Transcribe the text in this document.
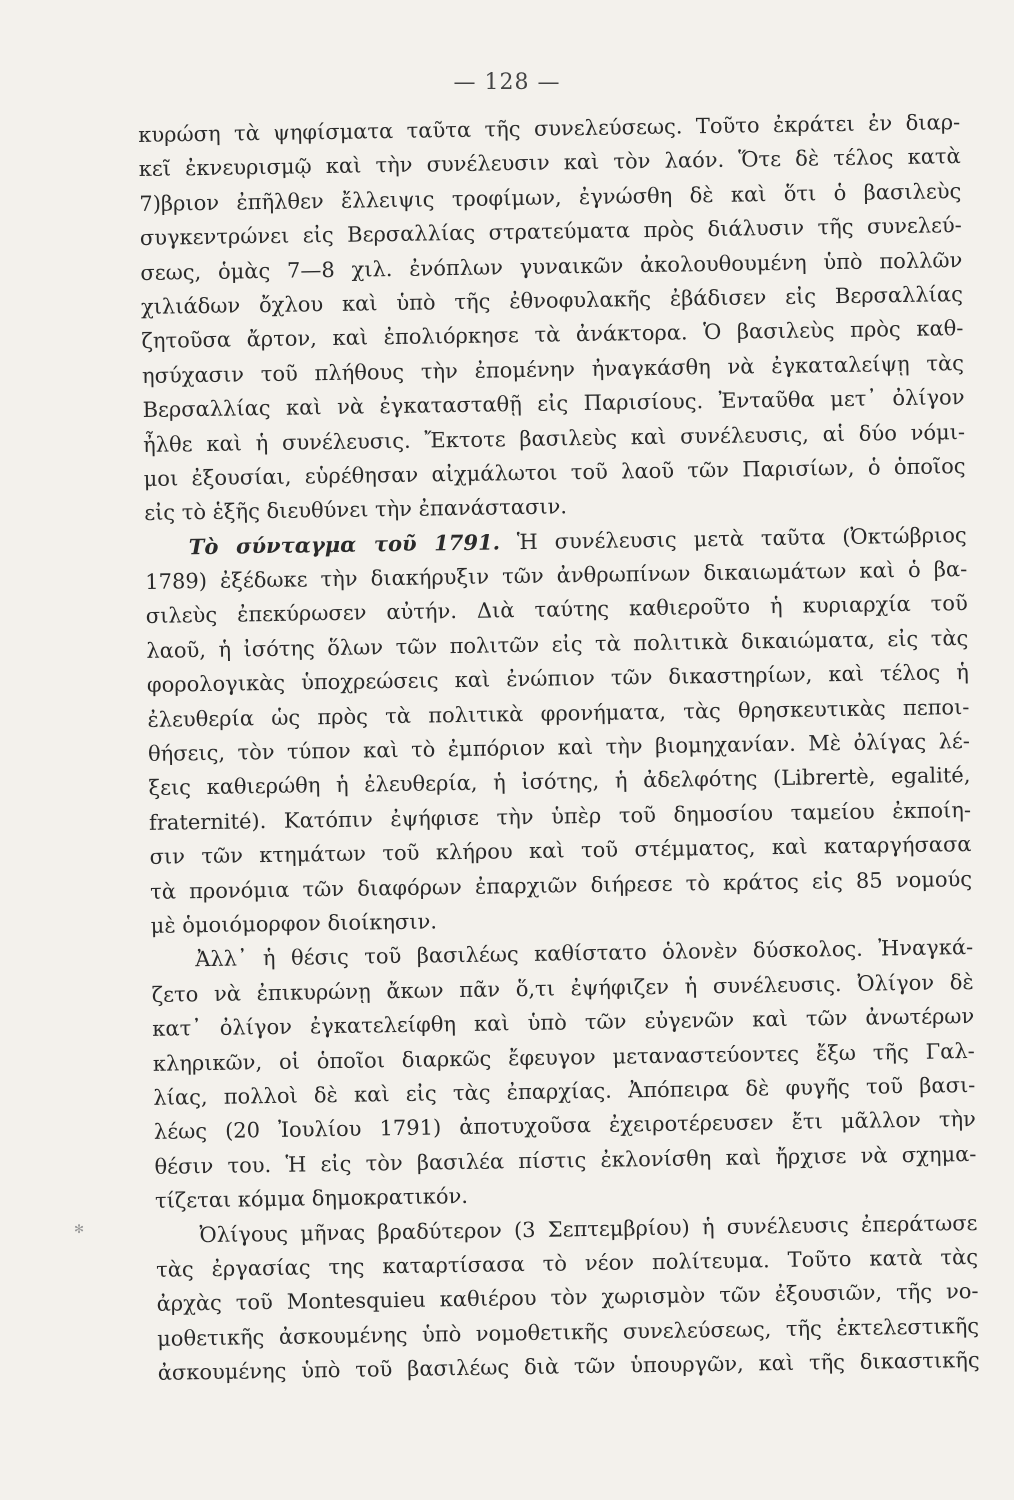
— 128 —
κυρώση τὰ ψηφίσματα ταῦτα τῆς συνελεύσεως. Τοῦτο ἐκράτει ἐν διαρ-
κεῖ ἐκνευρισμῷ καὶ τὴν συνέλευσιν καὶ τὸν λαόν. Ὅτε δὲ τέλος κατὰ
7)βριον ἐπῆλθεν ἔλλειψις τροφίμων, ἐγνώσθη δὲ καὶ ὅτι ὁ βασιλεὺς
συγκεντρώνει εἰς Βερσαλλίας στρατεύματα πρὸς διάλυσιν τῆς συνελεύ-
σεως, ὁμὰς 7—8 χιλ. ἐνόπλων γυναικῶν ἀκολουθουμένη ὑπὸ πολλῶν
χιλιάδων ὄχλου καὶ ὑπὸ τῆς ἐθνοφυλακῆς ἐβάδισεν εἰς Βερσαλλίας
ζητοῦσα ἄρτον, καὶ ἐπολιόρκησε τὰ ἀνάκτορα. Ὁ βασιλεὺς πρὸς καθ-
ησύχασιν τοῦ πλήθους τὴν ἐπομένην ἠναγκάσθη νὰ ἐγκαταλείψῃ τὰς
Βερσαλλίας καὶ νὰ ἐγκατασταθῇ εἰς Παρισίους. Ἐνταῦθα μετ᾽ ὀλίγον
ἦλθε καὶ ἡ συνέλευσις. Ἔκτοτε βασιλεὺς καὶ συνέλευσις, αἱ δύο νόμι-
μοι ἐξουσίαι, εὑρέθησαν αἰχμάλωτοι τοῦ λαοῦ τῶν Παρισίων, ὁ ὁποῖος
εἰς τὸ ἑξῆς διευθύνει τὴν ἐπανάστασιν.
Τὸ σύνταγμα τοῦ 1791. Ἡ συνέλευσις μετὰ ταῦτα (Ὀκτώβριος
1789) ἐξέδωκε τὴν διακήρυξιν τῶν ἀνθρωπίνων δικαιωμάτων καὶ ὁ βα-
σιλεὺς ἐπεκύρωσεν αὐτήν. Διὰ ταύτης καθιεροῦτο ἡ κυριαρχία τοῦ
λαοῦ, ἡ ἰσότης ὅλων τῶν πολιτῶν εἰς τὰ πολιτικὰ δικαιώματα, εἰς τὰς
φορολογικὰς ὑποχρεώσεις καὶ ἐνώπιον τῶν δικαστηρίων, καὶ τέλος ἡ
ἐλευθερία ὡς πρὸς τὰ πολιτικὰ φρονήματα, τὰς θρησκευτικὰς πεποι-
θήσεις, τὸν τύπον καὶ τὸ ἐμπόριον καὶ τὴν βιομηχανίαν. Μὲ ὀλίγας λέ-
ξεις καθιερώθη ἡ ἐλευθερία, ἡ ἰσότης, ἡ ἀδελφότης (Librertè, egalité,
fraternité). Κατόπιν ἐψήφισε τὴν ὑπὲρ τοῦ δημοσίου ταμείου ἐκποίη-
σιν τῶν κτημάτων τοῦ κλήρου καὶ τοῦ στέμματος, καὶ καταργήσασα
τὰ προνόμια τῶν διαφόρων ἐπαρχιῶν διήρεσε τὸ κράτος εἰς 85 νομούς
μὲ ὁμοιόμορφον διοίκησιν.
Ἀλλ᾽ ἡ θέσις τοῦ βασιλέως καθίστατο ὁλονὲν δύσκολος. Ἠναγκά-
ζετο νὰ ἐπικυρώνῃ ἄκων πᾶν ὅ,τι ἐψήφιζεν ἡ συνέλευσις. Ὀλίγον δὲ
κατ᾽ ὀλίγον ἐγκατελείφθη καὶ ὑπὸ τῶν εὐγενῶν καὶ τῶν ἀνωτέρων
κληρικῶν, οἱ ὁποῖοι διαρκῶς ἔφευγον μεταναστεύοντες ἔξω τῆς Γαλ-
λίας, πολλοὶ δὲ καὶ εἰς τὰς ἐπαρχίας. Ἀπόπειρα δὲ φυγῆς τοῦ βασι-
λέως (20 Ἰουλίου 1791) ἀποτυχοῦσα ἐχειροτέρευσεν ἔτι μᾶλλον τὴν
θέσιν του. Ἡ εἰς τὸν βασιλέα πίστις ἐκλονίσθη καὶ ἤρχισε νὰ σχημα-
τίζεται κόμμα δημοκρατικόν.
Ὀλίγους μῆνας βραδύτερον (3 Σεπτεμβρίου) ἡ συνέλευσις ἐπεράτωσε
τὰς ἐργασίας της καταρτίσασα τὸ νέον πολίτευμα. Τοῦτο κατὰ τὰς
ἀρχὰς τοῦ Montesquieu καθιέρου τὸν χωρισμὸν τῶν ἐξουσιῶν, τῆς νο-
μοθετικῆς ἀσκουμένης ὑπὸ νομοθετικῆς συνελεύσεως, τῆς ἐκτελεστικῆς
ἀσκουμένης ὑπὸ τοῦ βασιλέως διὰ τῶν ὑπουργῶν, καὶ τῆς δικαστικῆς
✻
